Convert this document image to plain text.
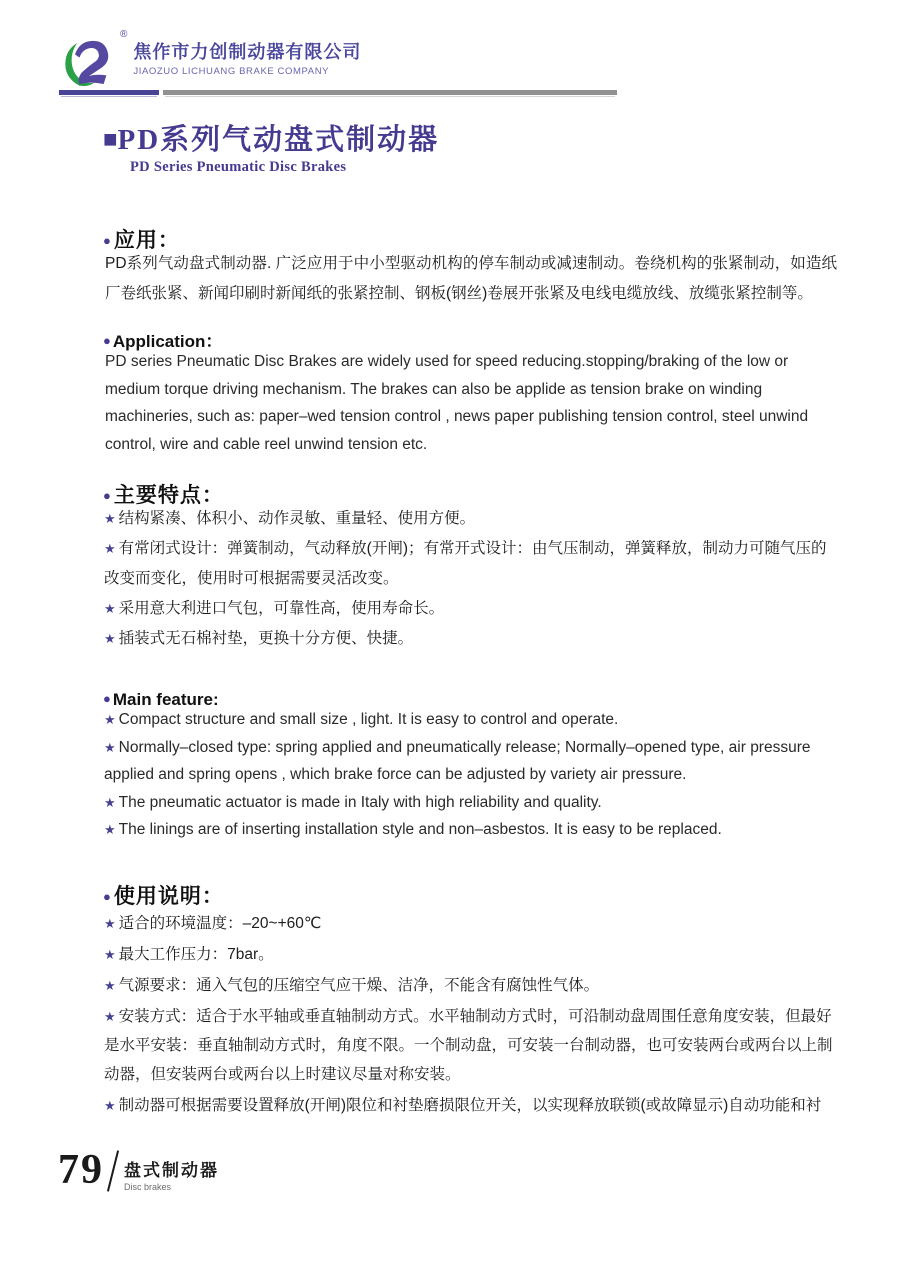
®
焦作市力创制动器有限公司
JIAOZUO LICHUANG BRAKE COMPANY
■PD系列气动盘式制动器
PD Series Pneumatic Disc Brakes
●应用：
PD系列气动盘式制动器. 广泛应用于中小型驱动机构的停车制动或减速制动。卷绕机构的张紧制动，如造纸厂卷纸张紧、新闻印刷时新闻纸的张紧控制、钢板(钢丝)卷展开张紧及电线电缆放线、放缆张紧控制等。
● Application：
PD series Pneumatic Disc Brakes are widely used for speed reducing.stopping/braking of the low or medium torque driving mechanism. The brakes can also be applide as tension brake on winding machineries, such as: paper–wed tension control , news paper publishing tension control, steel unwind control, wire and cable reel unwind tension etc.
●主要特点：
★ 结构紧凑、体积小、动作灵敏、重量轻、使用方便。
★ 有常闭式设计：弹簧制动，气动释放(开闸)；有常开式设计：由气压制动，弹簧释放，制动力可随气压的改变而变化，使用时可根据需要灵活改变。
★ 采用意大利进口气包，可靠性高，使用寿命长。
★ 插装式无石棉衬垫，更换十分方便、快捷。
● Main feature:
★ Compact structure and small size , light. It is easy to control and operate.
★ Normally–closed type: spring applied and pneumatically release; Normally–opened type, air pressure applied and spring opens , which brake force can be adjusted by variety air pressure.
★ The pneumatic actuator is made in Italy with high reliability and quality.
★ The linings are of inserting installation style and non–asbestos. It is easy to be replaced.
●使用说明：
★ 适合的环境温度：–20~+60℃
★ 最大工作压力：7bar。
★ 气源要求：通入气包的压缩空气应干燥、洁净，不能含有腐蚀性气体。
★ 安装方式：适合于水平轴或垂直轴制动方式。水平轴制动方式时，可沿制动盘周围任意角度安装，但最好是水平安装：垂直轴制动方式时，角度不限。一个制动盘，可安装一台制动器，也可安装两台或两台以上制动器，但安装两台或两台以上时建议尽量对称安装。
★ 制动器可根据需要设置释放(开闸)限位和衬垫磨损限位开关，以实现释放联锁(或故障显示)自动功能和衬
79 盘式制动器
Disc brakes
